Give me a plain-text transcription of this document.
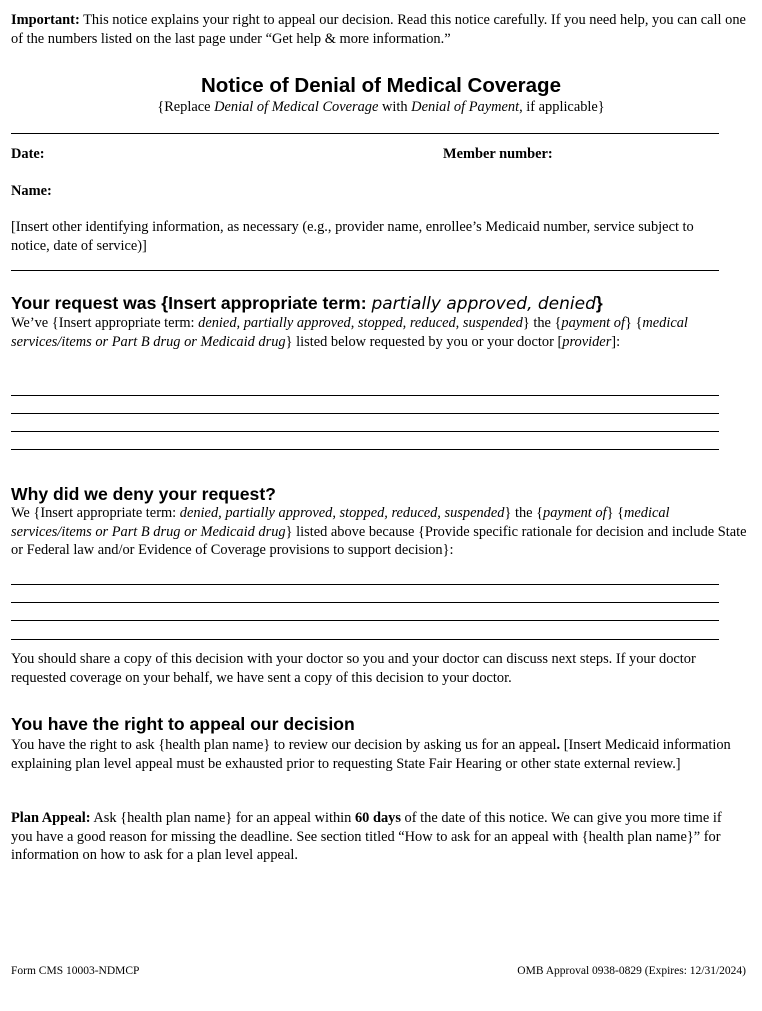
Important: This notice explains your right to appeal our decision. Read this notice carefully. If you need help, you can call one of the numbers listed on the last page under “Get help & more information.”
Notice of Denial of Medical Coverage
{Replace Denial of Medical Coverage with Denial of Payment, if applicable}
Date:	Member number:
Name:
[Insert other identifying information, as necessary (e.g., provider name, enrollee’s Medicaid number, service subject to notice, date of service)]
Your request was {Insert appropriate term: partially approved, denied}
We’ve {Insert appropriate term: denied, partially approved, stopped, reduced, suspended} the {payment of} {medical services/items or Part B drug or Medicaid drug} listed below requested by you or your doctor [provider]:
Why did we deny your request?
We {Insert appropriate term: denied, partially approved, stopped, reduced, suspended} the {payment of} {medical services/items or Part B drug or Medicaid drug} listed above because {Provide specific rationale for decision and include State or Federal law and/or Evidence of Coverage provisions to support decision}:
You should share a copy of this decision with your doctor so you and your doctor can discuss next steps. If your doctor requested coverage on your behalf, we have sent a copy of this decision to your doctor.
You have the right to appeal our decision
You have the right to ask {health plan name} to review our decision by asking us for an appeal. [Insert Medicaid information explaining plan level appeal must be exhausted prior to requesting State Fair Hearing or other state external review.]
Plan Appeal: Ask {health plan name} for an appeal within 60 days of the date of this notice. We can give you more time if you have a good reason for missing the deadline. See section titled “How to ask for an appeal with {health plan name}” for information on how to ask for a plan level appeal.
Form CMS 10003-NDMCP	OMB Approval 0938-0829 (Expires: 12/31/2024)
